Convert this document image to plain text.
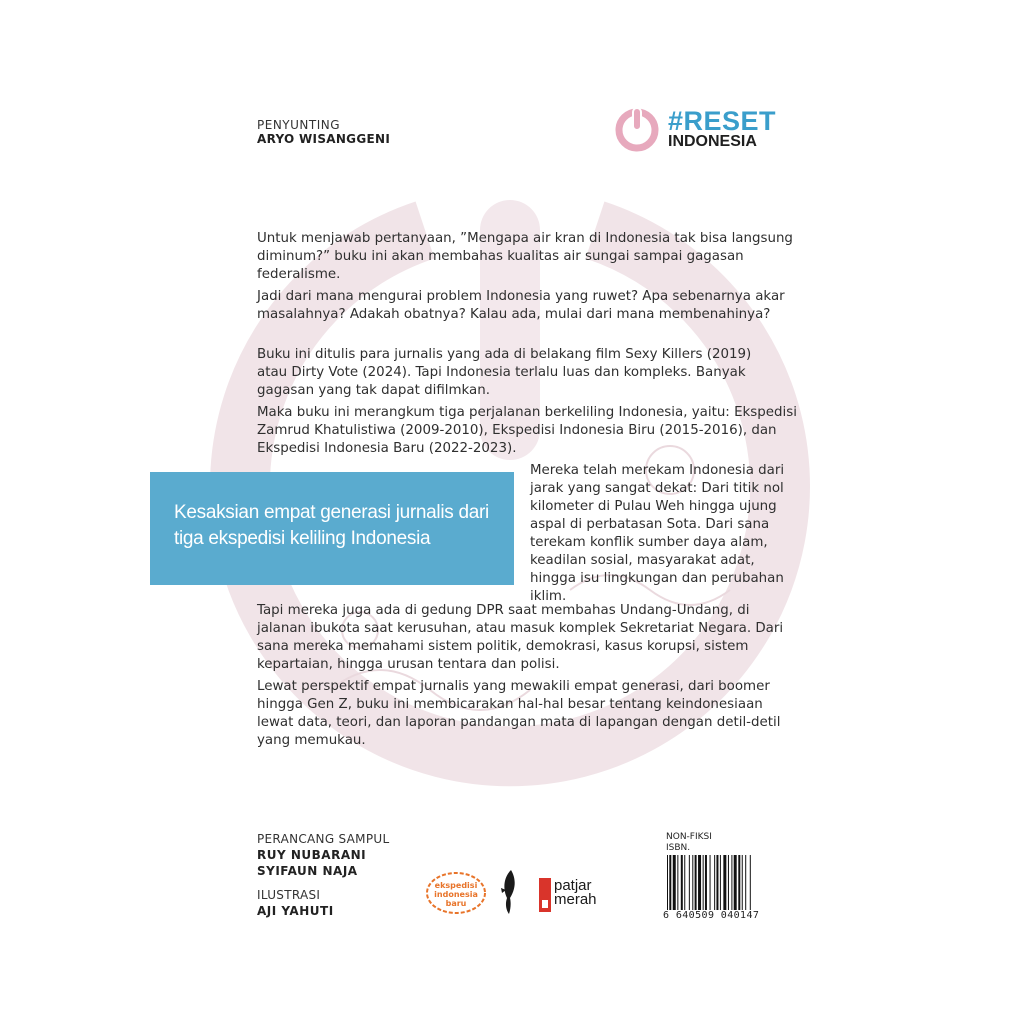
PENYUNTING
ARYO WISANGGENI
#RESET
INDONESIA

Untuk menjawab pertanyaan, ”Mengapa air kran di Indonesia tak bisa langsung diminum?” buku ini akan membahas kualitas air sungai sampai gagasan federalisme.

Jadi dari mana mengurai problem Indonesia yang ruwet? Apa sebenarnya akar masalahnya? Adakah obatnya? Kalau ada, mulai dari mana membenahinya?

Buku ini ditulis para jurnalis yang ada di belakang film Sexy Killers (2019) atau Dirty Vote (2024). Tapi Indonesia terlalu luas dan kompleks. Banyak gagasan yang tak dapat difilmkan.

Maka buku ini merangkum tiga perjalanan berkeliling Indonesia, yaitu: Ekspedisi Zamrud Khatulistiwa (2009-2010), Ekspedisi Indonesia Biru (2015-2016), dan Ekspedisi Indonesia Baru (2022-2023).

Kesaksian empat generasi jurnalis dari tiga ekspedisi keliling Indonesia

Mereka telah merekam Indonesia dari jarak yang sangat dekat: Dari titik nol kilometer di Pulau Weh hingga ujung aspal di perbatasan Sota. Dari sana terekam konflik sumber daya alam, keadilan sosial, masyarakat adat, hingga isu lingkungan dan perubahan iklim.

Tapi mereka juga ada di gedung DPR saat membahas Undang-Undang, di jalanan ibukota saat kerusuhan, atau masuk komplek Sekretariat Negara. Dari sana mereka memahami sistem politik, demokrasi, kasus korupsi, sistem kepartaian, hingga urusan tentara dan polisi.

Lewat perspektif empat jurnalis yang mewakili empat generasi, dari boomer hingga Gen Z, buku ini membicarakan hal-hal besar tentang keindonesiaan lewat data, teori, dan laporan pandangan mata di lapangan dengan detil-detil yang memukau.

PERANCANG SAMPUL
RUY NUBARANI
SYIFAUN NAJA
ILUSTRASI
AJI YAHUTI
ekspedisi
indonesia
baru
patjar
merah
NON-FIKSI
ISBN.
6 640509 040147
